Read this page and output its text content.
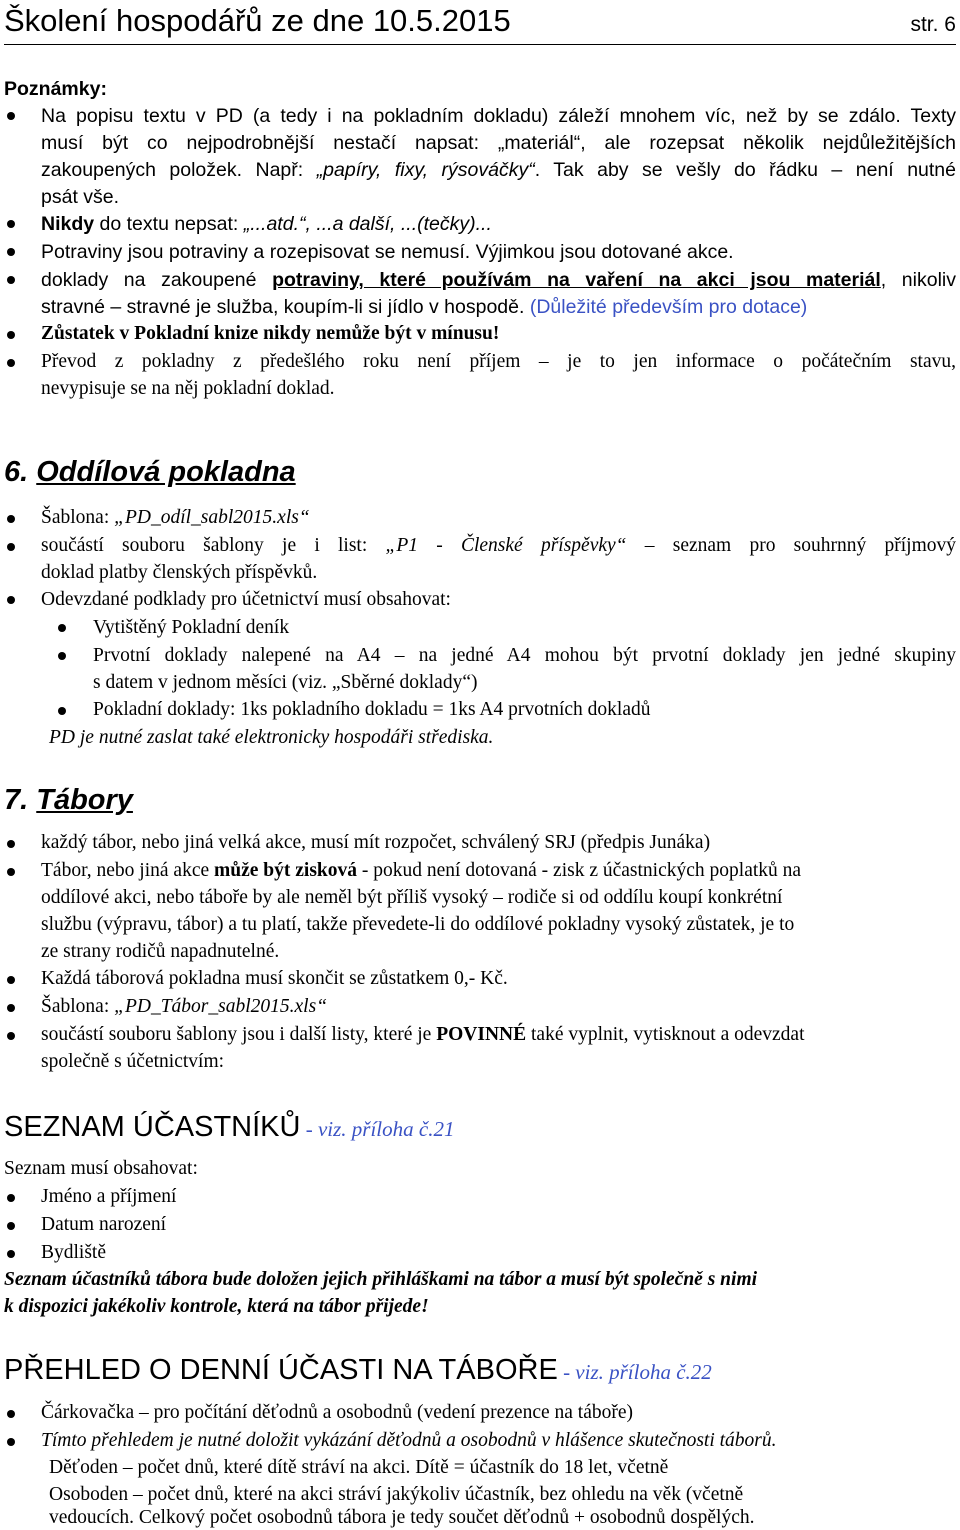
Školení hospodářů ze dne 10.5.2015	str. 6
Poznámky:
Na popisu textu v PD (a tedy i na pokladním dokladu) záleží mnohem víc, než by se zdálo. Texty
musí být co nejpodrobnější nestačí napsat: „materiál“, ale rozepsat několik nejdůležitějších
zakoupených položek. Např: „papíry, fixy, rýsováčky“. Tak aby se vešly do řádku – není nutné
psát vše.
Nikdy do textu nepsat: „...atd.“, ...a další, ...(tečky)...
Potraviny jsou potraviny a rozepisovat se nemusí. Výjimkou jsou dotované akce.
doklady na zakoupené potraviny, které používám na vaření na akci jsou materiál, nikoliv
stravné – stravné je služba, koupím-li si jídlo v hospodě. (Důležité především pro dotace)
Zůstatek v Pokladní knize nikdy nemůže být v mínusu!
Převod z pokladny z předešlého roku není příjem – je to jen informace o počátečním stavu,
nevypisuje se na něj pokladní doklad.
6. Oddílová pokladna
Šablona: „PD_odíl_sabl2015.xls“
součástí souboru šablony je i list: „P1 - Členské příspěvky“ – seznam pro souhrnný příjmový
doklad platby členských příspěvků.
Odevzdané podklady pro účetnictví musí obsahovat:
Vytištěný Pokladní deník
Prvotní doklady nalepené na A4 – na jedné A4 mohou být prvotní doklady jen jedné skupiny
s datem v jednom měsíci (viz. „Sběrné doklady“)
Pokladní doklady: 1ks pokladního dokladu = 1ks A4 prvotních dokladů
PD je nutné zaslat také elektronicky hospodáři střediska.
7. Tábory
každý tábor, nebo jiná velká akce, musí mít rozpočet, schválený SRJ (předpis Junáka)
Tábor, nebo jiná akce může být zisková - pokud není dotovaná - zisk z účastnických poplatků na
oddílové akci, nebo táboře by ale neměl být příliš vysoký – rodiče si od oddílu koupí konkrétní
službu (výpravu, tábor) a tu platí, takže převedete-li do oddílové pokladny vysoký zůstatek, je to
ze strany rodičů napadnutelné.
Každá táborová pokladna musí skončit se zůstatkem 0,- Kč.
Šablona: „PD_Tábor_sabl2015.xls“
součástí souboru šablony jsou i další listy, které je POVINNÉ také vyplnit, vytisknout a odevzdat
společně s účetnictvím:
SEZNAM ÚČASTNÍKŮ - viz. příloha č.21
Seznam musí obsahovat:
Jméno a příjmení
Datum narození
Bydliště
Seznam účastníků tábora bude doložen jejich přihláškami na tábor a musí být společně s nimi
k dispozici jakékoliv kontrole, která na tábor přijede!
PŘEHLED O DENNÍ ÚČASTI NA TÁBOŘE - viz. příloha č.22
Čárkovačka – pro počítání děťodnů a osobodnů (vedení prezence na táboře)
Tímto přehledem je nutné doložit vykázání děťodnů a osobodnů v hlášence skutečnosti táborů.
Děťoden – počet dnů, které dítě stráví na akci. Dítě = účastník do 18 let, včetně
Osoboden – počet dnů, které na akci stráví jakýkoliv účastník, bez ohledu na věk (včetně
vedoucích. Celkový počet osobodnů tábora je tedy součet děťodnů + osobodnů dospělých.
